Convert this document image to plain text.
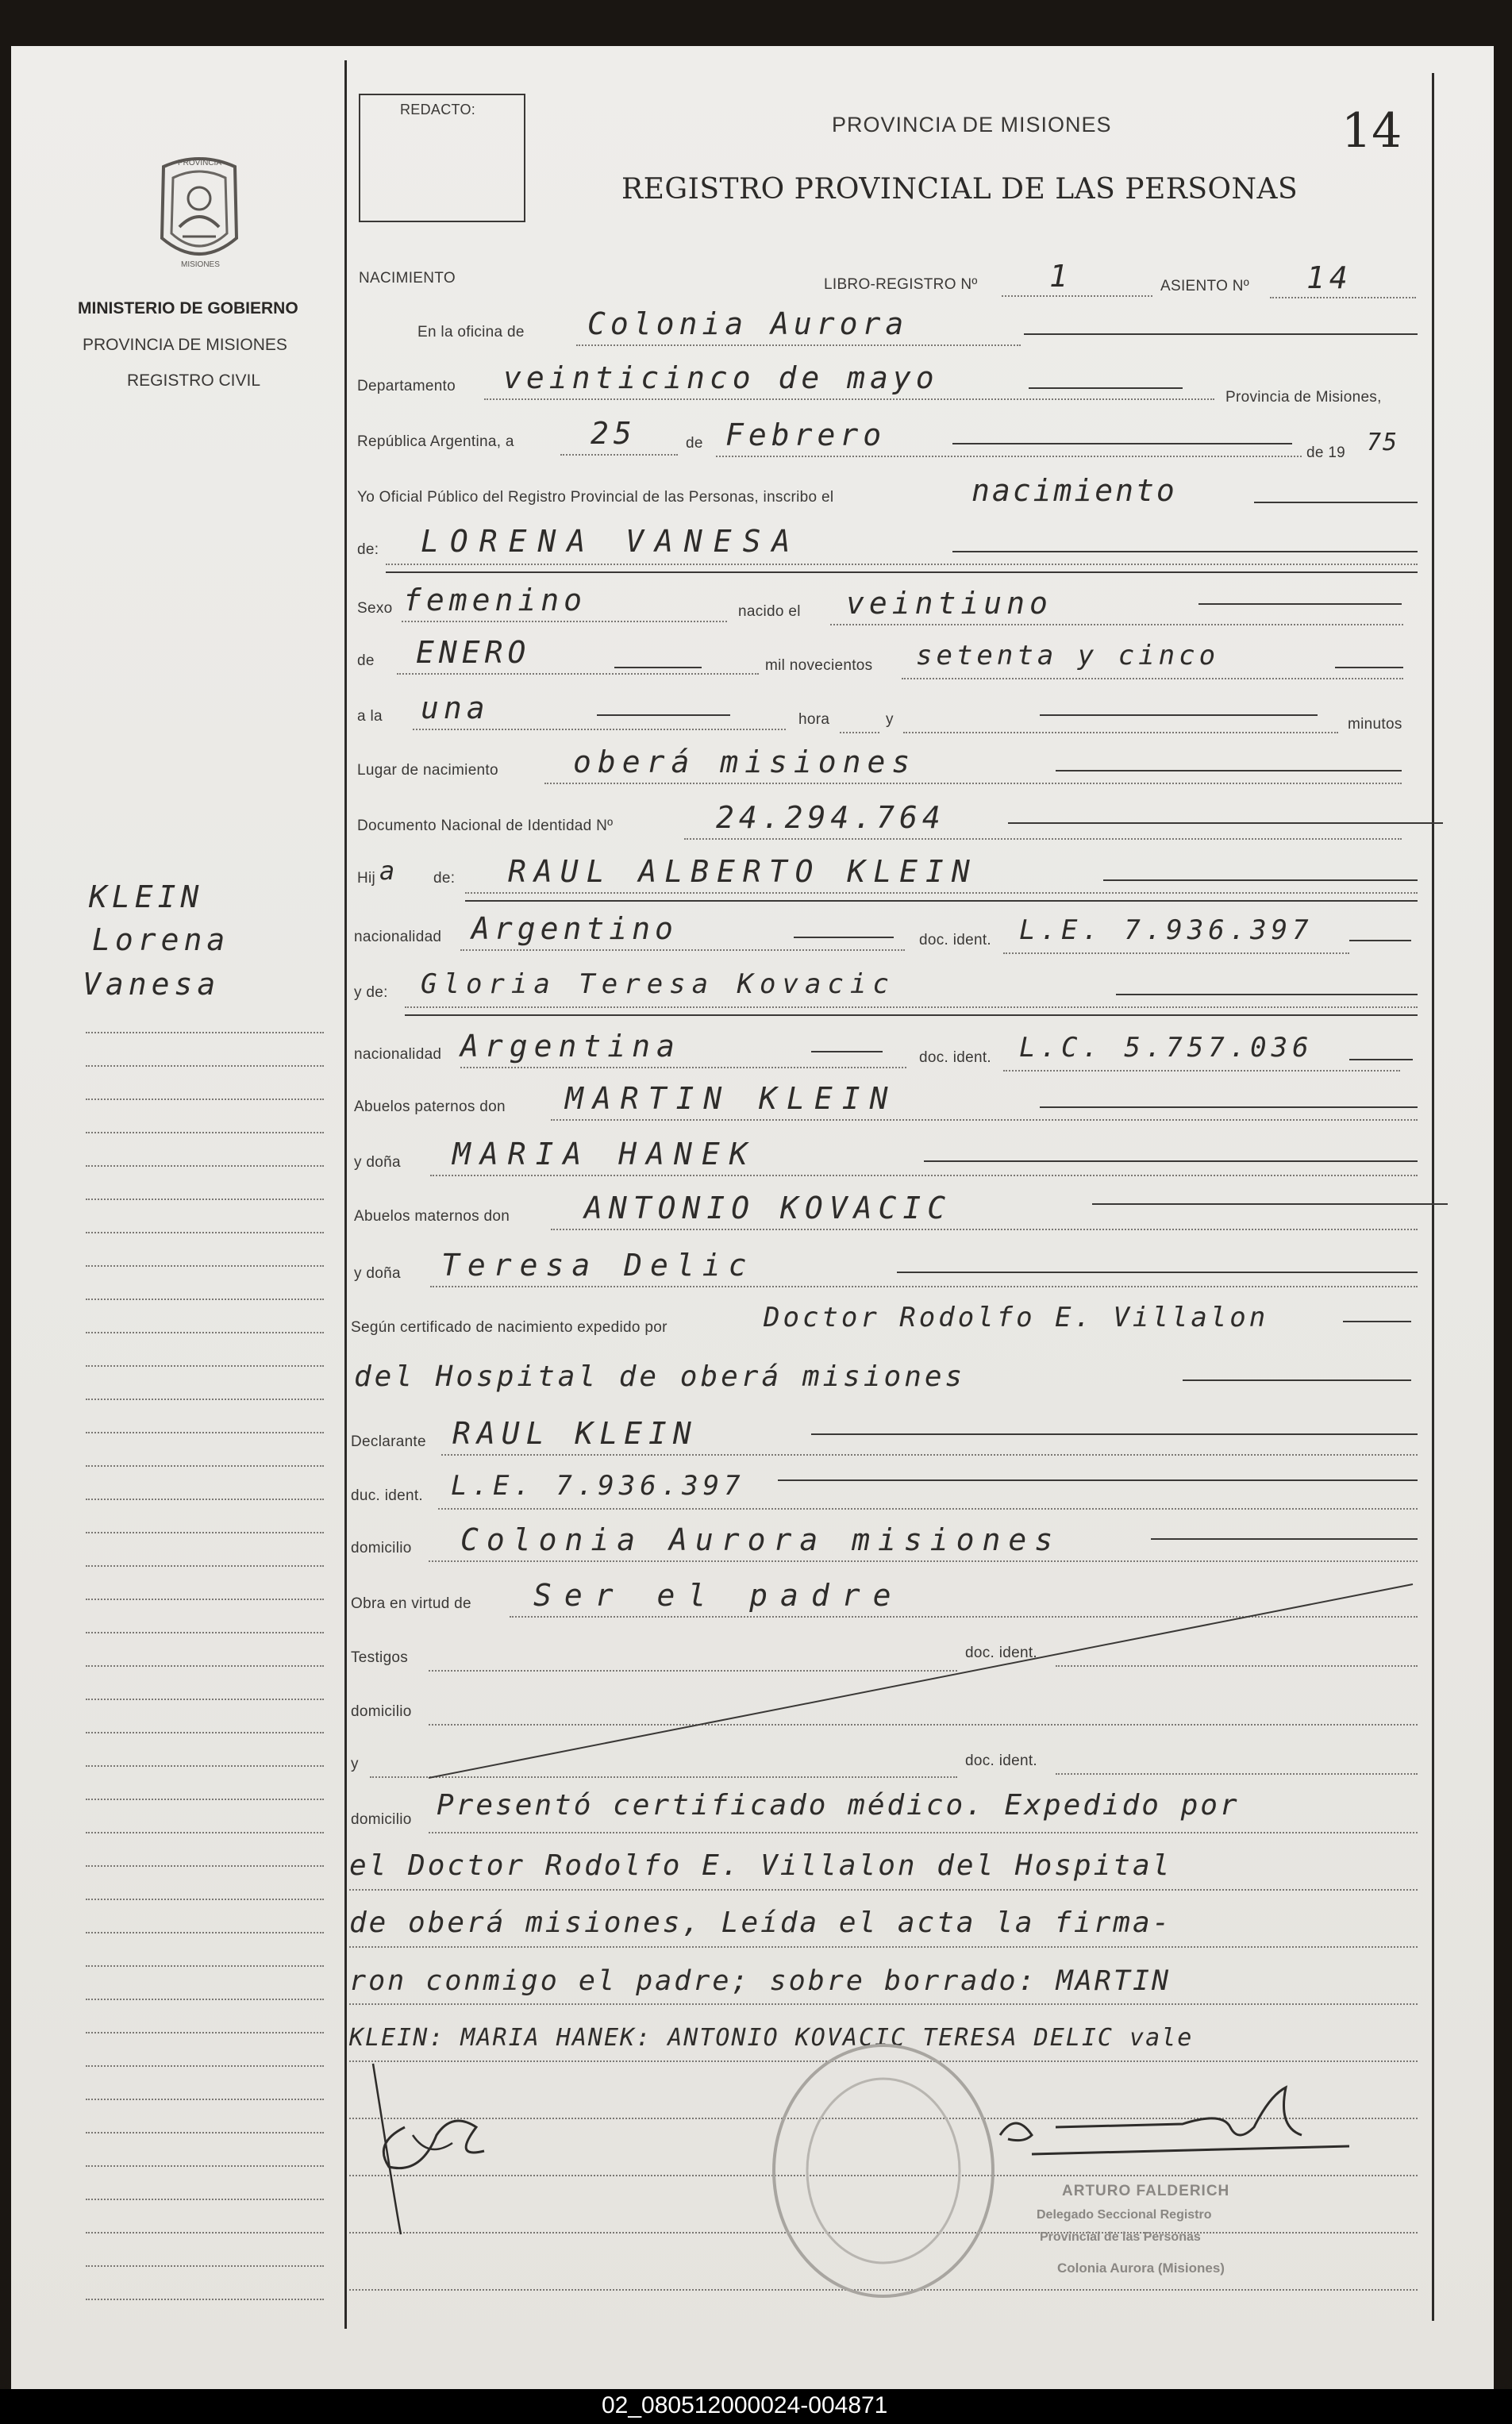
14
REDACTO:
PROVINCIA DE MISIONES
REGISTRO PROVINCIAL DE LAS PERSONAS
PROVINCIA
MISIONES
MINISTERIO DE GOBIERNO
PROVINCIA DE MISIONES
REGISTRO CIVIL
KLEIN
Lorena
Vanesa
NACIMIENTO	LIBRO-REGISTRO Nº 1	ASIENTO Nº 14
En la oficina de Colonia Aurora
Departamento veinticinco de mayo
Provincia de Misiones,
República Argentina, a	25	de Febrero
de 19 75
Yo Oficial Público del Registro Provincial de las Personas, inscribo el	nacimiento
de: LORENA VANESA
Sexo femenino	nacido el veintiuno
de ENERO	mil novecientos setenta y cinco
a la una	hora	y	minutos
Lugar de nacimiento oberá misiones
Documento Nacional de Identidad Nº	24.294.764
Hij a de: RAUL ALBERTO KLEIN
nacionalidad Argentino	doc. ident. L.E. 7.936.397
y de: Gloria Teresa Kovacic
nacionalidad Argentina	doc. ident. L.C. 5.757.036
Abuelos paternos don MARTIN KLEIN
y doña MARIA HANEK
Abuelos maternos don ANTONIO KOVACIC
y doña Teresa Delic
Según certificado de nacimiento expedido por	Doctor Rodolfo E. Villalon
del Hospital de oberá misiones
Declarante RAUL KLEIN
duc. ident. L.E. 7.936.397
domicilio Colonia Aurora misiones
Obra en virtud de Ser el padre
Testigos	doc. ident.
domicilio
y	doc. ident.
domicilio Presentó certificado médico. Expedido por
el Doctor Rodolfo E. Villalon del Hospital
de oberá misiones, Leída el acta la firma-
ron conmigo el padre; sobre borrado: MARTIN
KLEIN: MARIA HANEK: ANTONIO KOVACIC TERESA DELIC vale
ARTURO FALDERICH
Delegado Seccional Registro
Provincial de las Personas
Colonia Aurora (Misiones)
02_080512000024-004871
